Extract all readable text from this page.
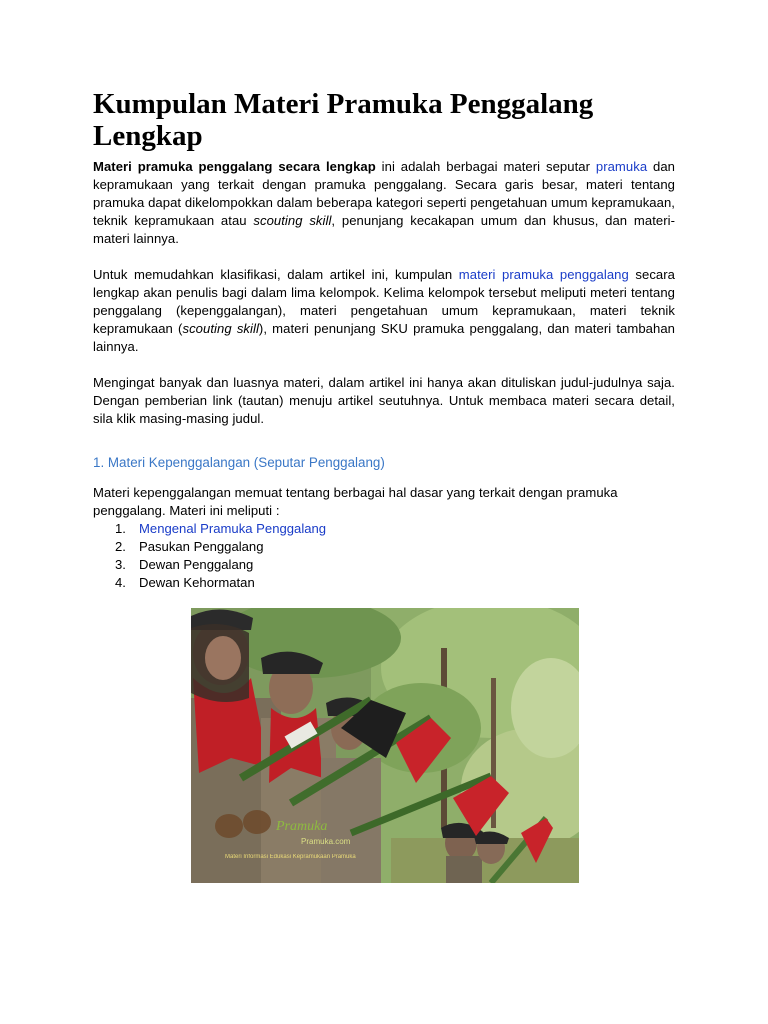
Kumpulan Materi Pramuka Penggalang Lengkap

Materi pramuka penggalang secara lengkap ini adalah berbagai materi seputar pramuka dan kepramukaan yang terkait dengan pramuka penggalang. Secara garis besar, materi tentang pramuka dapat dikelompokkan dalam beberapa kategori seperti pengetahuan umum kepramukaan, teknik kepramukaan atau scouting skill, penunjang kecakapan umum dan khusus, dan materi-materi lainnya.

Untuk memudahkan klasifikasi, dalam artikel ini, kumpulan materi pramuka penggalang secara lengkap akan penulis bagi dalam lima kelompok. Kelima kelompok tersebut meliputi meteri tentang penggalang (kepenggalangan), materi pengetahuan umum kepramukaan, materi teknik kepramukaan (scouting skill), materi penunjang SKU pramuka penggalang, dan materi tambahan lainnya.

Mengingat banyak dan luasnya materi, dalam artikel ini hanya akan dituliskan judul-judulnya saja. Dengan pemberian link (tautan) menuju artikel seutuhnya. Untuk membaca materi secara detail, sila klik masing-masing judul.

1. Materi Kepenggalangan (Seputar Penggalang)

Materi kepenggalangan memuat tentang berbagai hal dasar yang terkait dengan pramuka penggalang. Materi ini meliputi :

1. Mengenal Pramuka Penggalang
2. Pasukan Penggalang
3. Dewan Penggalang
4. Dewan Kehormatan
Pramuka
Pramuka.com
Materi Informasi Edukasi Kepramukaan Pramuka
